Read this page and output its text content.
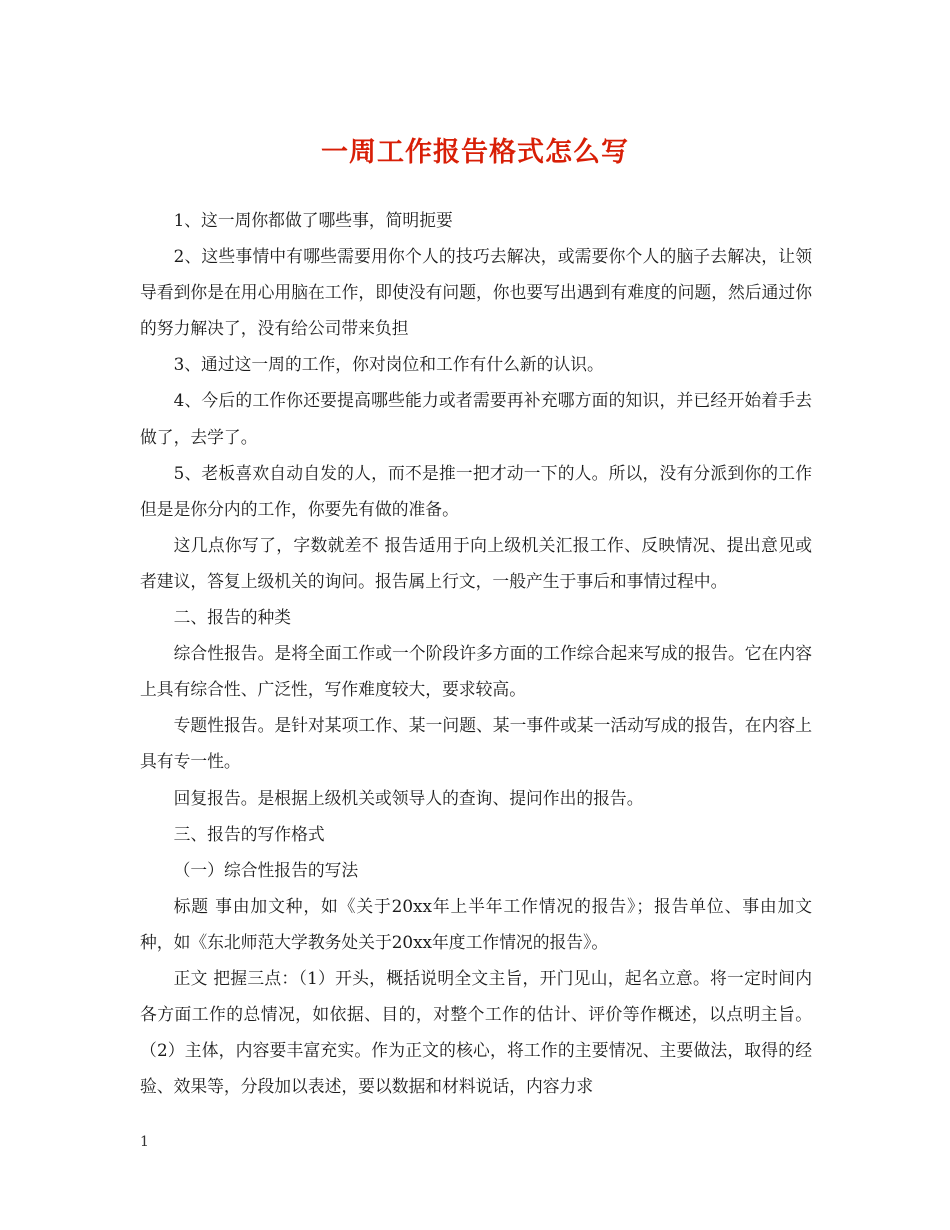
一周工作报告格式怎么写

1、这一周你都做了哪些事，简明扼要

2、这些事情中有哪些需要用你个人的技巧去解决，或需要你个人的脑子去解决，让领导看到你是在用心用脑在工作，即使没有问题，你也要写出遇到有难度的问题，然后通过你的努力解决了，没有给公司带来负担

3、通过这一周的工作，你对岗位和工作有什么新的认识。

4、今后的工作你还要提高哪些能力或者需要再补充哪方面的知识，并已经开始着手去做了，去学了。

5、老板喜欢自动自发的人，而不是推一把才动一下的人。所以，没有分派到你的工作但是是你分内的工作，你要先有做的准备。

这几点你写了，字数就差不 报告适用于向上级机关汇报工作、反映情况、提出意见或者建议，答复上级机关的询问。报告属上行文，一般产生于事后和事情过程中。

二、报告的种类

综合性报告。是将全面工作或一个阶段许多方面的工作综合起来写成的报告。它在内容上具有综合性、广泛性，写作难度较大，要求较高。

专题性报告。是针对某项工作、某一问题、某一事件或某一活动写成的报告，在内容上具有专一性。

回复报告。是根据上级机关或领导人的查询、提问作出的报告。

三、报告的写作格式

（一）综合性报告的写法

标题 事由加文种，如《关于20xx年上半年工作情况的报告》；报告单位、事由加文种，如《东北师范大学教务处关于20xx年度工作情况的报告》。

正文 把握三点：（1）开头，概括说明全文主旨，开门见山，起名立意。将一定时间内各方面工作的总情况，如依据、目的，对整个工作的估计、评价等作概述，以点明主旨。（2）主体，内容要丰富充实。作为正文的核心，将工作的主要情况、主要做法，取得的经验、效果等，分段加以表述，要以数据和材料说话，内容力求

1
